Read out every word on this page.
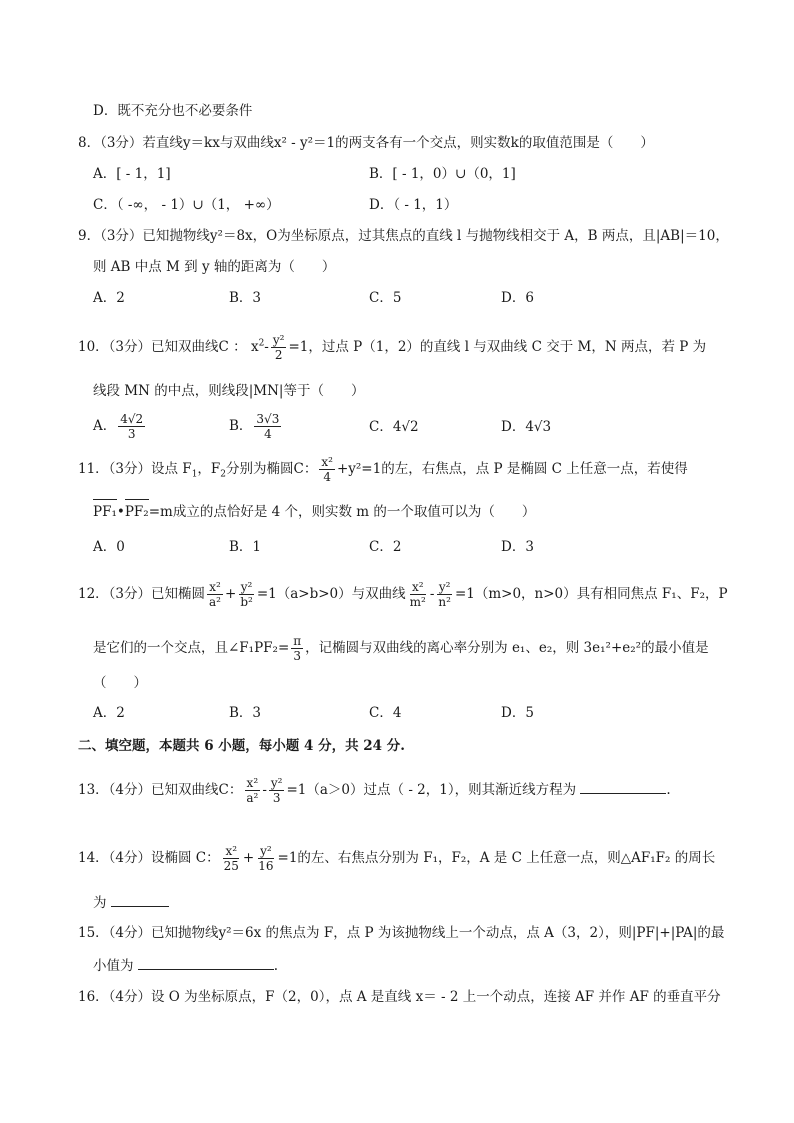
D．既不充分也不必要条件
8．（3分）若直线y＝kx与双曲线x² - y²＝1的两支各有一个交点，则实数k的取值范围是（　　）
A．[ - 1，1]	B．[ - 1，0）∪（0，1]
C．（ -∞， - 1）∪（1， +∞）	D．（ - 1，1）
9．（3分）已知抛物线y²＝8x，O为坐标原点，过其焦点的直线 l 与抛物线相交于 A，B 两点，且|AB|＝10，
则 AB 中点 M 到 y 轴的距离为（　　）
A．2	B．3	C．5	D．6
10．（3分）已知双曲线C ： $x^2- \frac{\text{y²}}{2} =1$，过点 P（1，2）的直线 l 与双曲线 C 交于 M，N 两点，若 P 为
线段 MN 的中点，则线段|MN|等于（　　）
A． $\frac{4√2}{3}$	B． $\frac{3√3}{4}$	C．4√2	D．4√3
11．（3分）设点 $F_1$，$F_2$分别为椭圆C： $\frac{\text{x²}}{4} +y^2=1$的左，右焦点，点 P 是椭圆 C 上任意一点，若使得
PF₁•PF₂=m成立的点恰好是 4 个，则实数 m 的一个取值可以为（　　）
A．0	B．1	C．2	D．3
12．（3分）已知椭圆 $\frac{\text{x²}}{\text{a²}} + \frac{\text{y²}}{\text{b²}} =1(a>b>0)$与双曲线 $\frac{\text{x²}}{\text{m²}} - \frac{\text{y²}}{\text{n²}} =1(m>0$，n>0）具有相同焦点 F₁、F₂，P
是它们的一个交点，且∠F₁PF₂= $\frac{\pi}{3}$ ，记椭圆与双曲线的离心率分别为 e₁、e₂，则 3e₁²+e₂²的最小值是
（　　）
A．2	B．3	C．4	D．5
二、填空题，本题共 6 小题，每小题 4 分，共 24 分.
13．（4分）已知双曲线C： $\frac{\text{x²}}{\text{a²}} - \frac{\text{y²}}{3} =1(a>0)$过点（ - 2，1），则其渐近线方程为	.
14．（4分）设椭圆 C： $\frac{\text{x²}}{25} + \frac{\text{y²}}{16} =1$的左、右焦点分别为 F₁，F₂，A 是 C 上任意一点，则△AF₁F₂ 的周长
为
15．（4分）已知抛物线y²＝6x 的焦点为 F，点 P 为该抛物线上一个动点，点 A（3，2），则|PF|+|PA|的最
小值为	.
16．（4分）设 O 为坐标原点，F（2，0），点 A 是直线 x＝ - 2 上一个动点，连接 AF 并作 AF 的垂直平分
